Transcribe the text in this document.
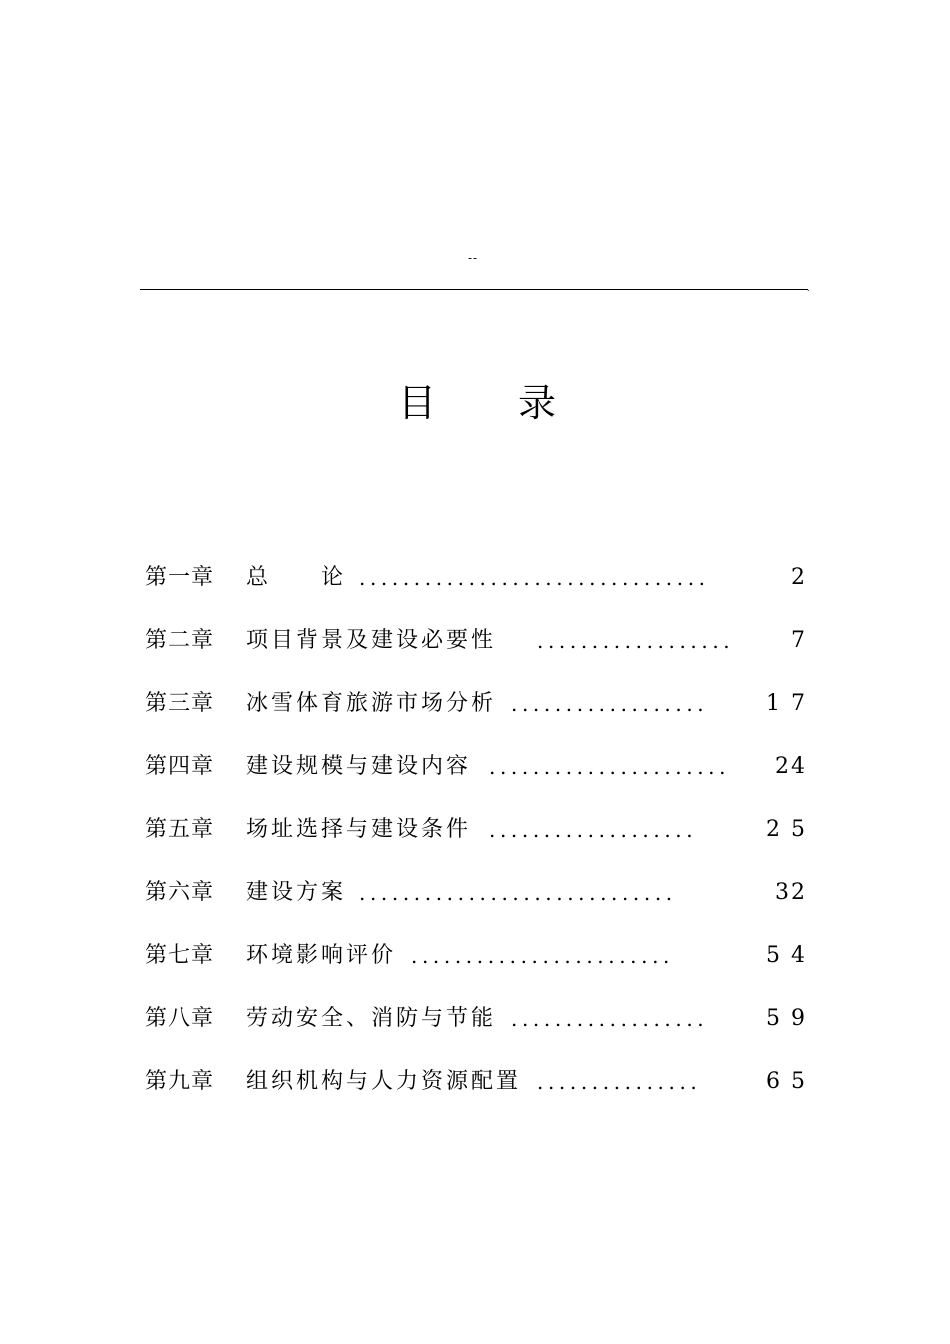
--
.
目 录
第一章 总　　论 ................................	2
第二章 项目背景及建设必要性 ..................	7
第三章 冰雪体育旅游市场分析 ..................	1 7
第四章 建设规模与建设内容 ...................... 24
第五章 场址选择与建设条件 ...................	2 5
第六章 建设方案 .............................	32
第七章 环境影响评价 ........................	5 4
第八章 劳动安全、消防与节能 ..................	5 9
第九章 组织机构与人力资源配置 ...............	6 5
